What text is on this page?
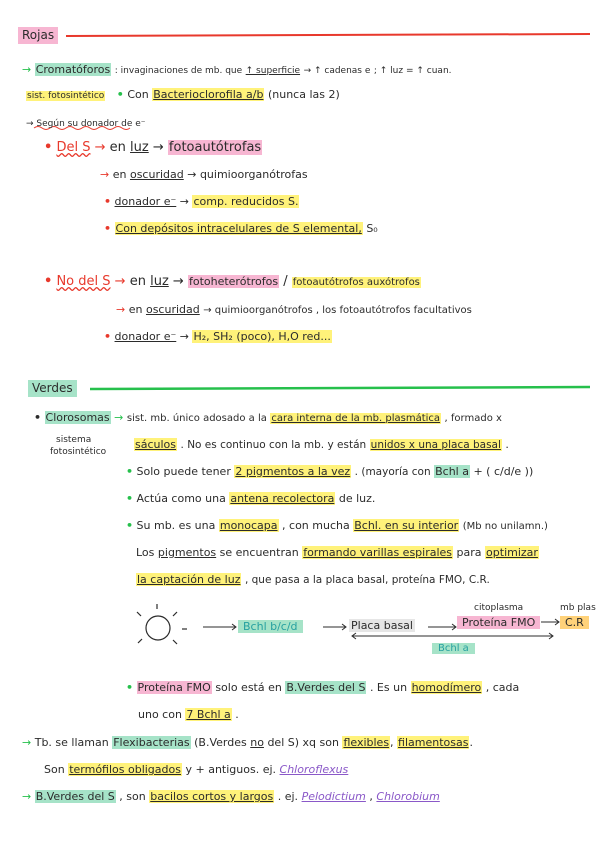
Rojas
→ Cromatóforos : invaginaciones de mb. que ↑ superficie → ↑ cadenas e ; ↑ luz = ↑ cuan.
sist. fotosintético • Con Bacterioclorofila a/b (nunca las 2)
→ Según su donador de e⁻
• Del S → en luz → fotoautótrofas
→ en oscuridad → quimioorganótrofas
• donador e⁻ → comp. reducidos S.
• Con depósitos intracelulares de S elemental, S₀
• No del S → en luz → fotoheterótrofos / fotoautótrofos auxótrofos
→ en oscuridad → quimioorganótrofos , los fotoautótrofos facultativos
• donador e⁻ → H₂, SH₂ (poco), H,O red...
Verdes
• Clorosomas → sist. mb. único adosado a la cara interna de la mb. plasmática , formado x
sistema
fotosintético
sáculos . No es continuo con la mb. y están unidos x una placa basal .
• Solo puede tener 2 pigmentos a la vez . (mayoría con Bchl a + ( c/d/e ))
• Actúa como una antena recolectora de luz.
• Su mb. es una monocapa , con mucha Bchl. en su interior (Mb no unilamn.)
Los pigmentos se encuentran formando varillas espirales para optimizar
la captación de luz , que pasa a la placa basal, proteína FMO, C.R.
citoplasma	mb plas
Bchl b/c/d	Placa basal	Proteína FMO	C.R
Bchl a
• Proteína FMO solo está en B.Verdes del S . Es un homodímero , cada
uno con 7 Bchl a .
→ Tb. se llaman Flexibacterias (B.Verdes no del S) xq son flexibles, filamentosas.
Son termófilos obligados y + antiguos. ej. Chloroflexus
→ B.Verdes del S , son bacilos cortos y largos . ej. Pelodictium , Chlorobium
